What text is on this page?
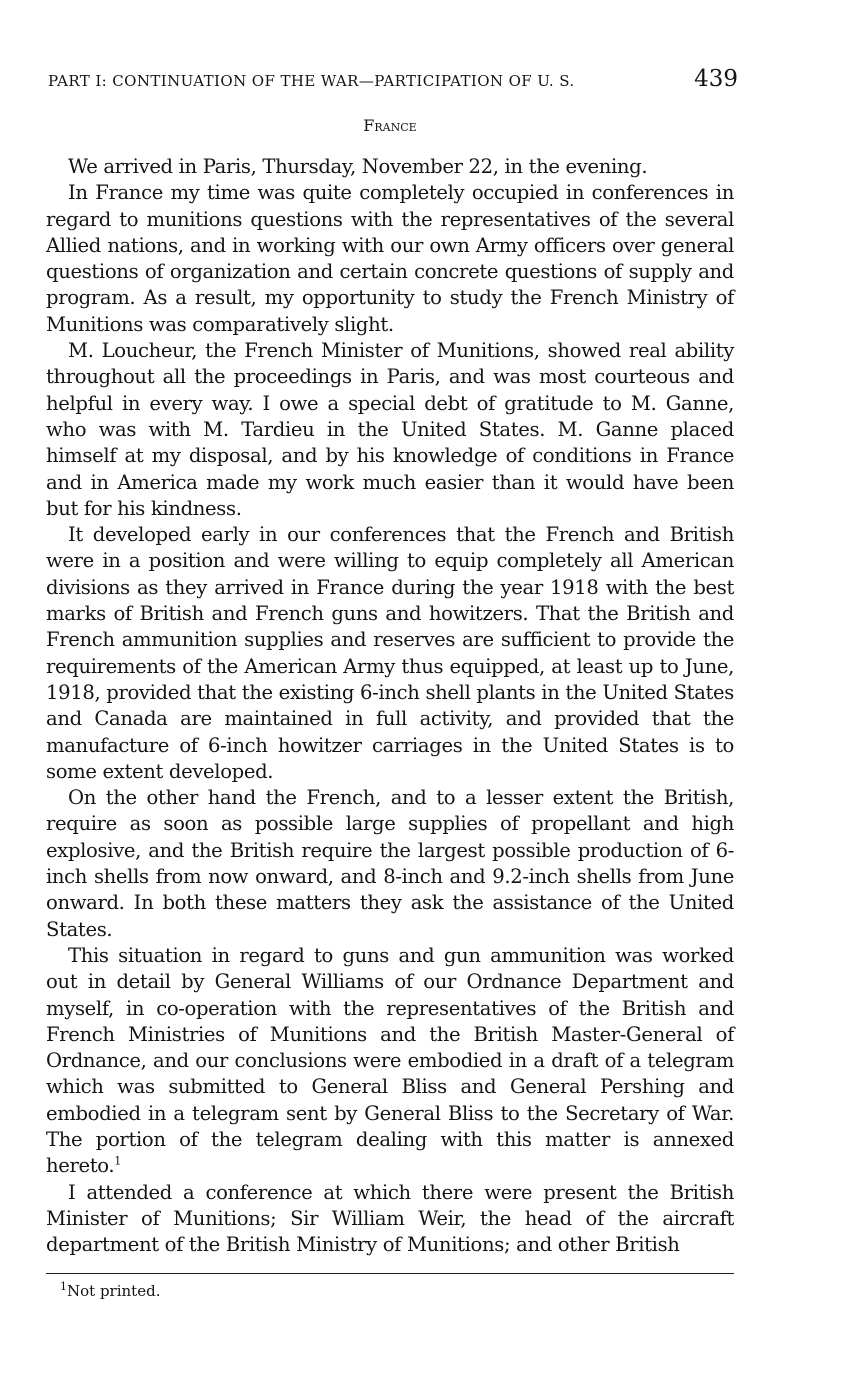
PART I: CONTINUATION OF THE WAR—PARTICIPATION OF U. S.	439
France

We arrived in Paris, Thursday, November 22, in the evening.

In France my time was quite completely occupied in conferences in regard to munitions questions with the representatives of the several Allied nations, and in working with our own Army officers over general questions of organization and certain concrete questions of supply and program. As a result, my opportunity to study the French Ministry of Munitions was comparatively slight.

M. Loucheur, the French Minister of Munitions, showed real ability throughout all the proceedings in Paris, and was most courteous and helpful in every way. I owe a special debt of gratitude to M. Ganne, who was with M. Tardieu in the United States. M. Ganne placed himself at my disposal, and by his knowledge of conditions in France and in America made my work much easier than it would have been but for his kindness.

It developed early in our conferences that the French and British were in a position and were willing to equip completely all American divisions as they arrived in France during the year 1918 with the best marks of British and French guns and howitzers. That the British and French ammunition supplies and reserves are sufficient to provide the requirements of the American Army thus equipped, at least up to June, 1918, provided that the existing 6-inch shell plants in the United States and Canada are maintained in full activity, and provided that the manufacture of 6-inch howitzer carriages in the United States is to some extent developed.

On the other hand the French, and to a lesser extent the British, require as soon as possible large supplies of propellant and high explosive, and the British require the largest possible production of 6-inch shells from now onward, and 8-inch and 9.2-inch shells from June onward. In both these matters they ask the assistance of the United States.

This situation in regard to guns and gun ammunition was worked out in detail by General Williams of our Ordnance Department and myself, in co-operation with the representatives of the British and French Ministries of Munitions and the British Master-General of Ordnance, and our conclusions were embodied in a draft of a telegram which was submitted to General Bliss and General Pershing and embodied in a telegram sent by General Bliss to the Secretary of War. The portion of the telegram dealing with this matter is annexed hereto.$^1$

I attended a conference at which there were present the British Minister of Munitions; Sir William Weir, the head of the aircraft department of the British Ministry of Munitions; and other British

$^1$Not printed.
